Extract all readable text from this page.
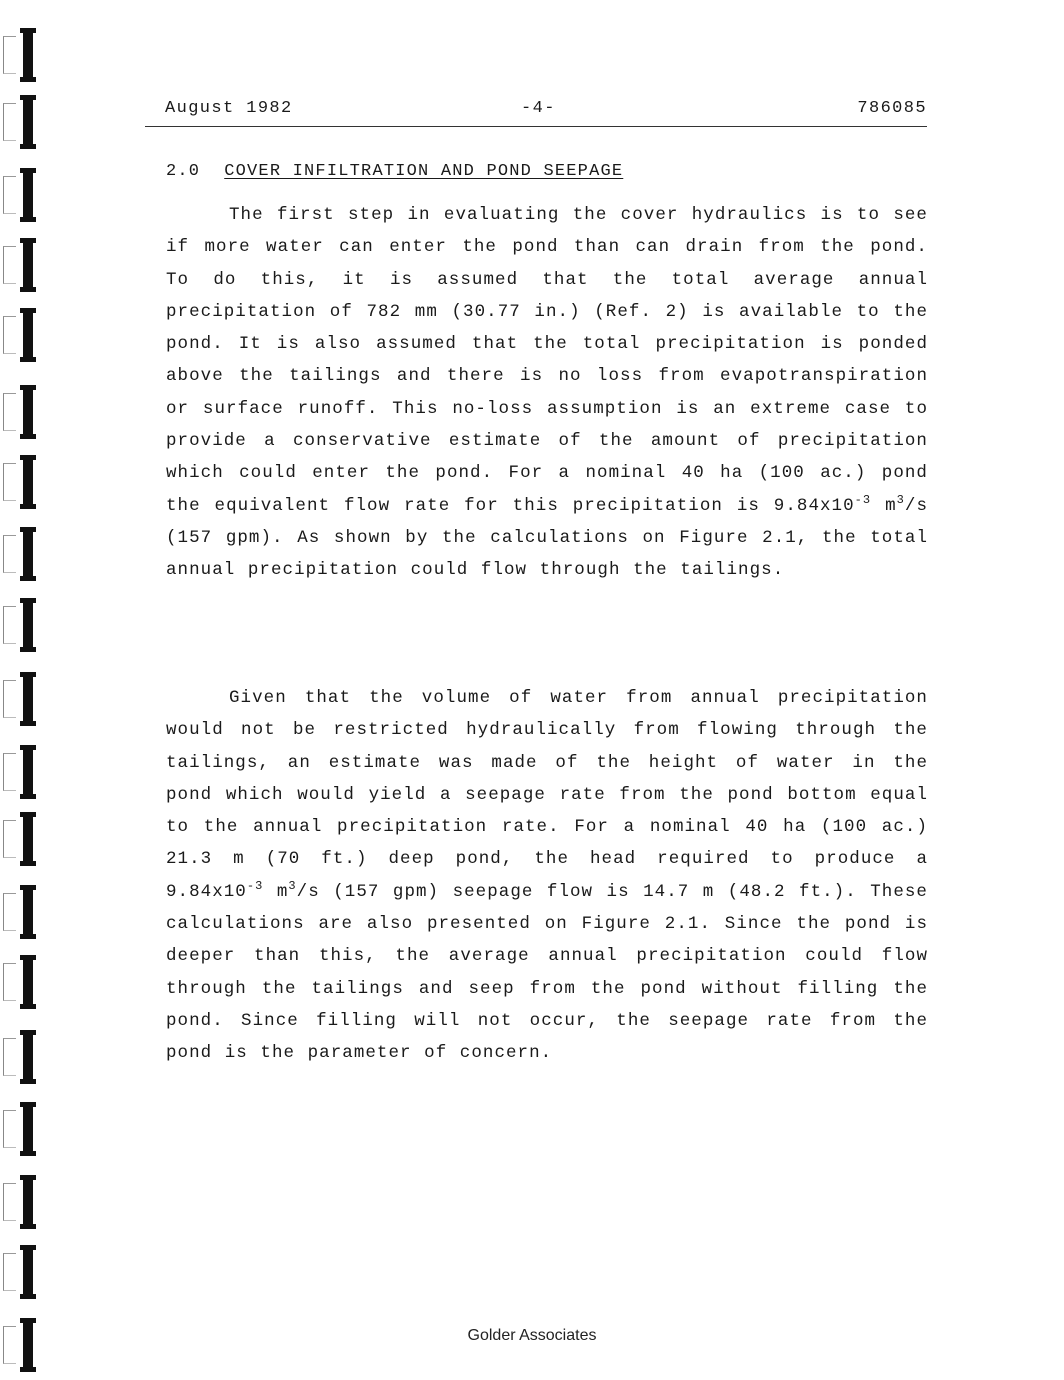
August 1982	-4-	786085
2.0 COVER INFILTRATION AND POND SEEPAGE

The first step in evaluating the cover hydraulics is to see if more water can enter the pond than can drain from the pond. To do this, it is assumed that the total average annual precipitation of 782 mm (30.77 in.) (Ref. 2) is available to the pond. It is also assumed that the total precipitation is ponded above the tailings and there is no loss from evapotranspiration or surface runoff. This no-loss assumption is an extreme case to provide a conservative estimate of the amount of precipitation which could enter the pond. For a nominal 40 ha (100 ac.) pond the equivalent flow rate for this precipitation is $9.84x10^{-3}$ $m^3/s$ (157 gpm). As shown by the calculations on Figure 2.1, the total annual precipitation could flow through the tailings.

Given that the volume of water from annual precipitation would not be restricted hydraulically from flowing through the tailings, an estimate was made of the height of water in the pond which would yield a seepage rate from the pond bottom equal to the annual precipitation rate. For a nominal 40 ha (100 ac.) 21.3 m (70 ft.) deep pond, the head required to produce a $9.84x10^{-3}$ $m^3/s$ (157 gpm) seepage flow is 14.7 m (48.2 ft.). These calculations are also presented on Figure 2.1. Since the pond is deeper than this, the average annual precipitation could flow through the tailings and seep from the pond without filling the pond. Since filling will not occur, the seepage rate from the pond is the parameter of concern.

Golder Associates
